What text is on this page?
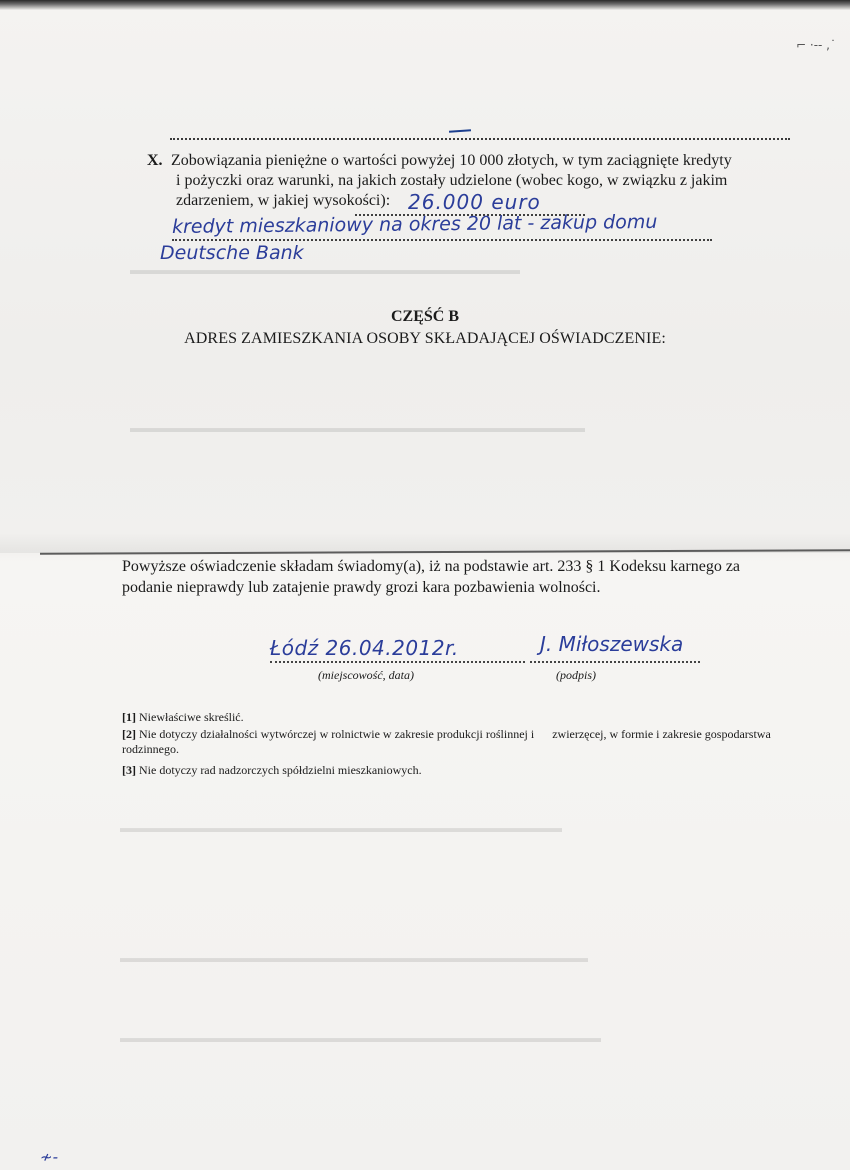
⌐ ·‑‑ ,˙
▬▬▬▬▬▬▬▬▬▬▬▬▬▬▬▬▬▬▬▬▬▬▬▬▬▬▬▬▬▬
▬▬▬▬▬▬▬▬▬▬▬▬▬▬▬▬▬▬▬▬▬▬▬▬▬▬▬▬▬▬▬▬▬▬▬
▬▬▬▬▬▬▬▬▬▬▬▬▬▬▬▬▬▬▬▬▬▬▬▬▬▬▬▬▬▬▬▬▬▬
▬▬▬▬▬▬▬▬▬▬▬▬▬▬▬▬▬▬▬▬▬▬▬▬▬▬▬▬▬▬▬▬▬▬▬▬
▬▬▬▬▬▬▬▬▬▬▬▬▬▬▬▬▬▬▬▬▬▬▬▬▬▬▬▬▬▬▬▬▬▬▬▬▬
X. Zobowiązania pieniężne o wartości powyżej 10 000 złotych, w tym zaciągnięte kredyty
i pożyczki oraz warunki, na jakich zostały udzielone (wobec kogo, w związku z jakim
zdarzeniem, w jakiej wysokości): 26.000 euro
kredyt mieszkaniowy na okres 20 lat - zakup domu
Deutsche Bank
CZĘŚĆ B
ADRES ZAMIESZKANIA OSOBY SKŁADAJĄCEJ OŚWIADCZENIE:
Powyższe oświadczenie składam świadomy(a), iż na podstawie art. 233 § 1 Kodeksu karnego za podanie nieprawdy lub zatajenie prawdy grozi kara pozbawienia wolności.
Łódź 26.04.2012r.	J. Miłoszewska
(miejscowość, data)	(podpis)

[1] Niewłaściwe skreślić.

[2] Nie dotyczy działalności wytwórczej w rolnictwie w zakresie produkcji roślinnej i      zwierzęcej, w formie i zakresie gospodarstwa rodzinnego.

[3] Nie dotyczy rad nadzorczych spółdzielni mieszkaniowych.

≁‑
